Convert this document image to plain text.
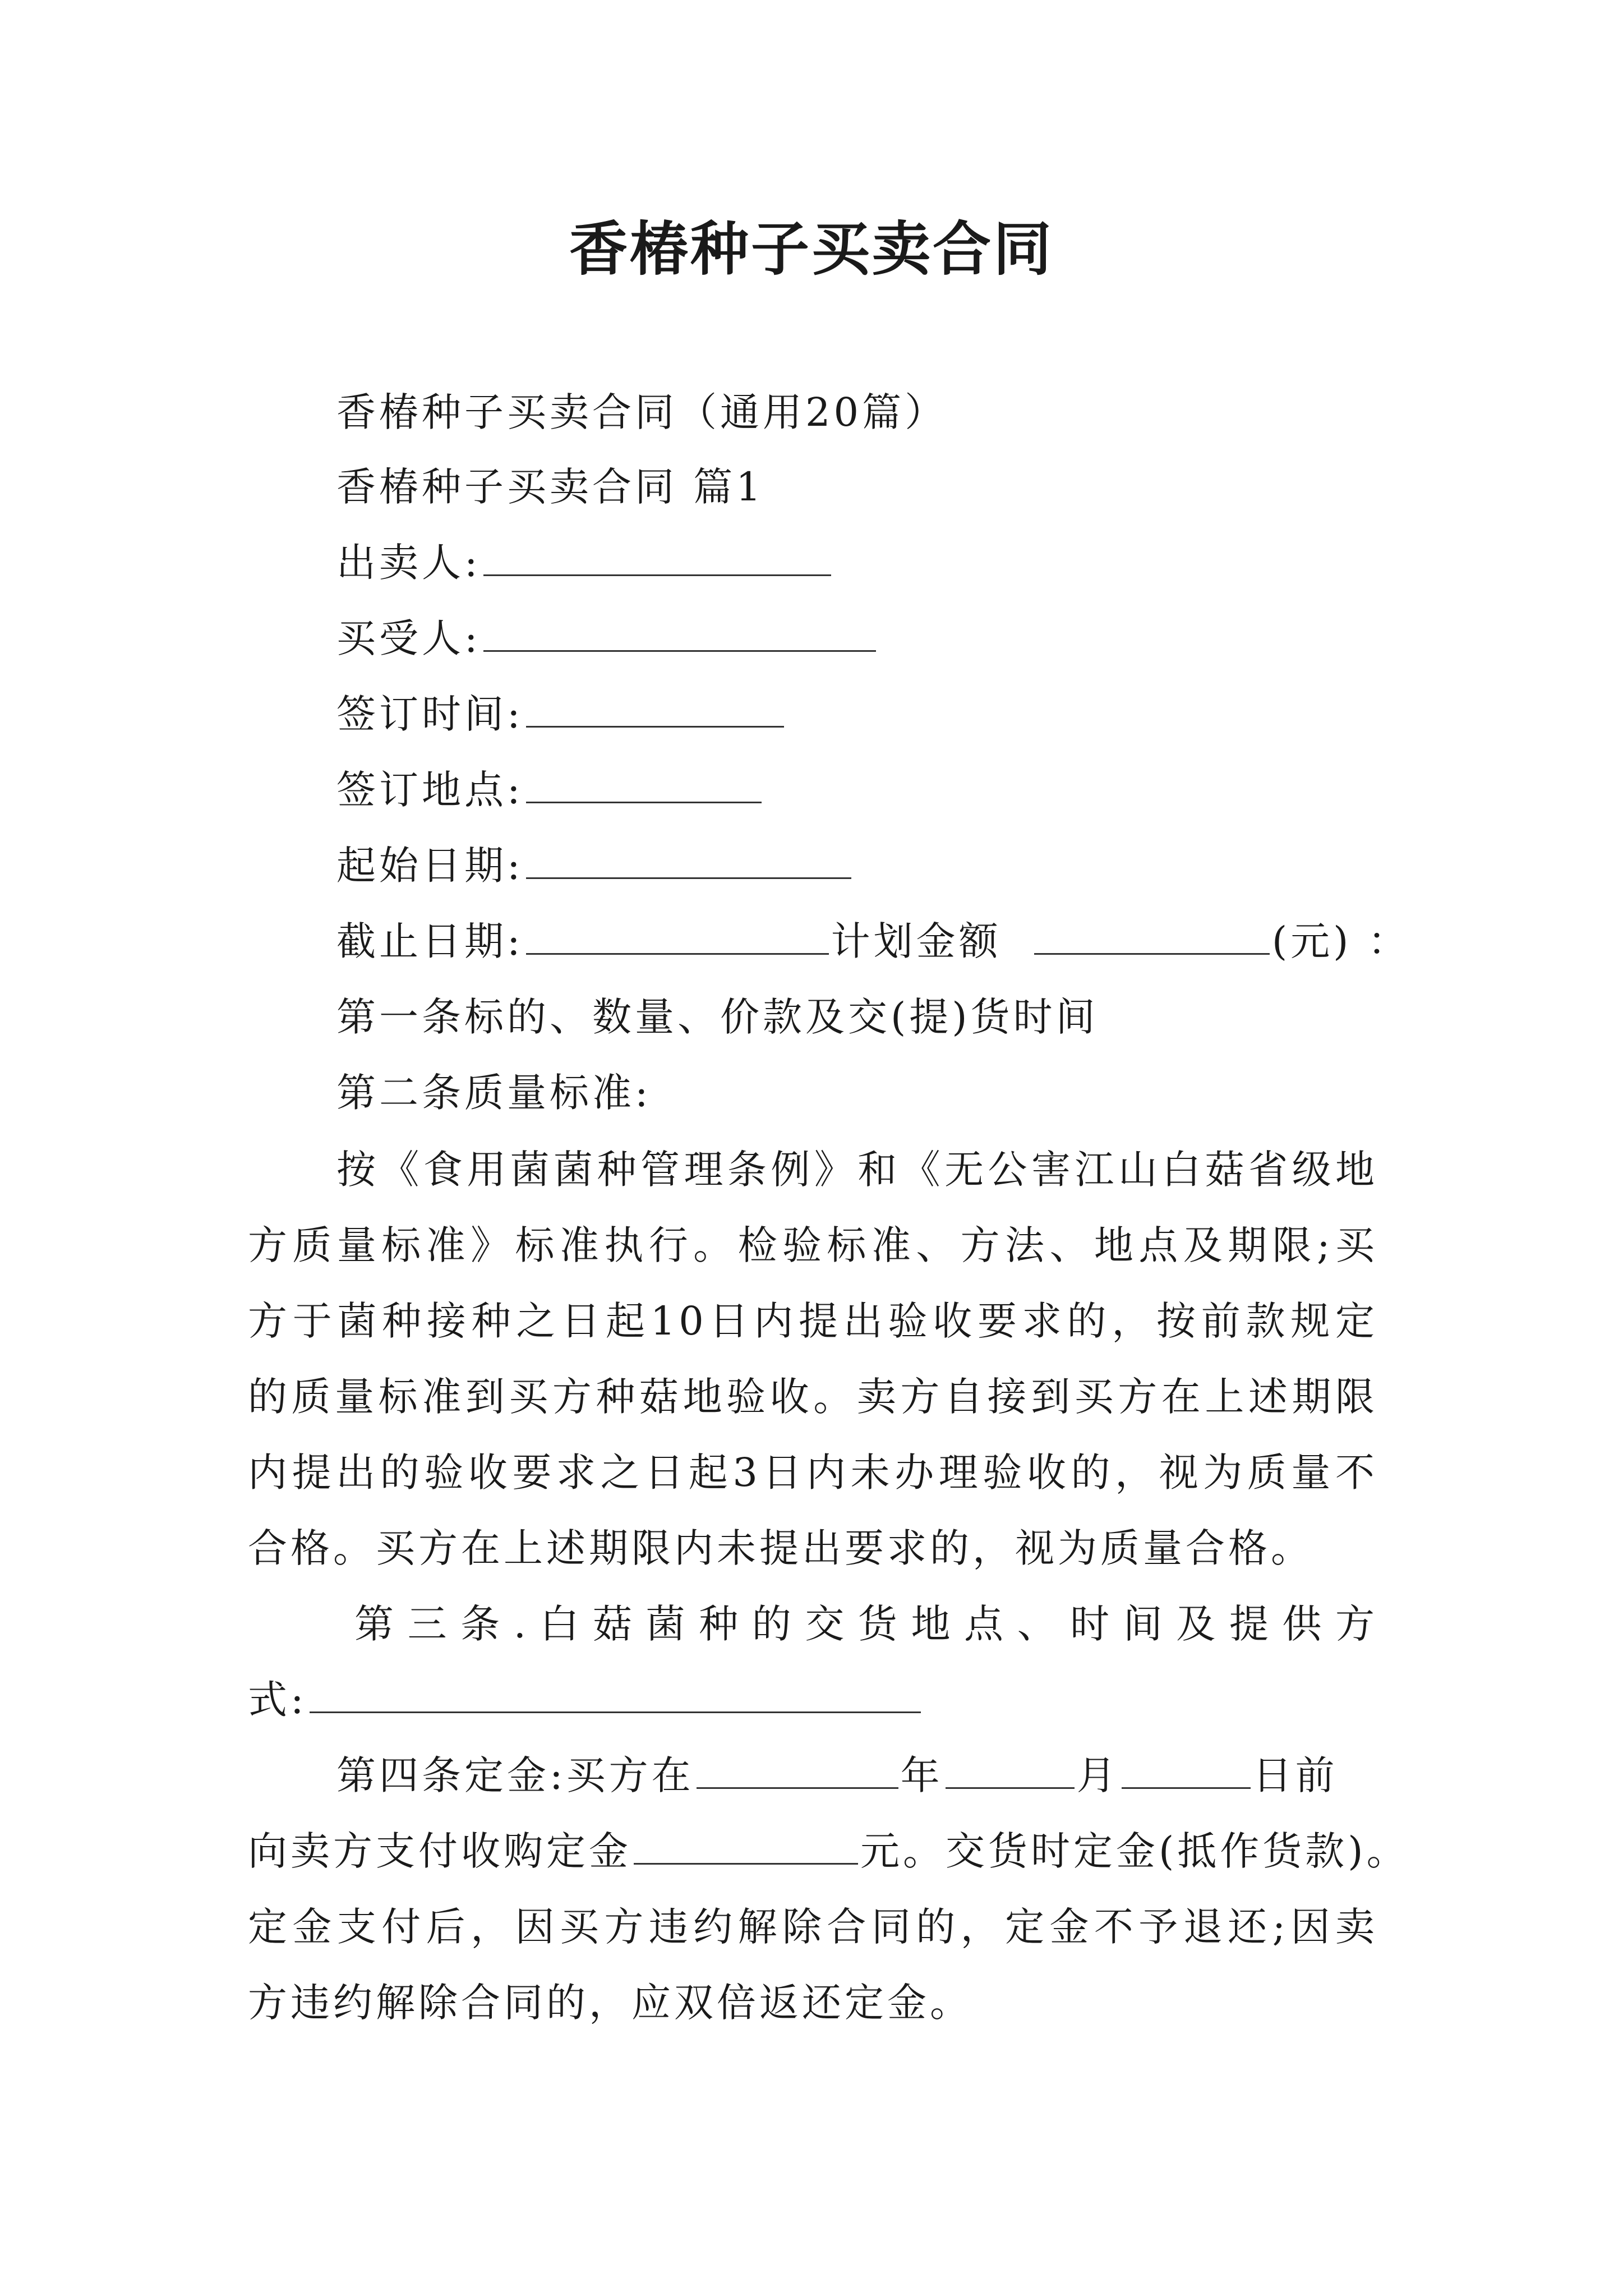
香椿种子买卖合同
香椿种子买卖合同（通用20篇）
香椿种子买卖合同 篇1
出卖人:
买受人:
签订时间:
签订地点:
起始日期:
截止日期:	计划金额	(元) ：
第一条标的、数量、价款及交(提)货时间
第二条质量标准:
按《食用菌菌种管理条例》和《无公害江山白菇省级地
方质量标准》标准执行。检验标准、方法、地点及期限;买
方于菌种接种之日起10日内提出验收要求的，按前款规定
的质量标准到买方种菇地验收。卖方自接到买方在上述期限
内提出的验收要求之日起3日内未办理验收的，视为质量不
合格。买方在上述期限内未提出要求的，视为质量合格。
第三条.白菇菌种的交货地点、时间及提供方
式:
第四条定金:买方在	年	月	日前
向卖方支付收购定金	元。交货时定金(抵作货款)。
定金支付后，因买方违约解除合同的，定金不予退还;因卖
方违约解除合同的，应双倍返还定金。
